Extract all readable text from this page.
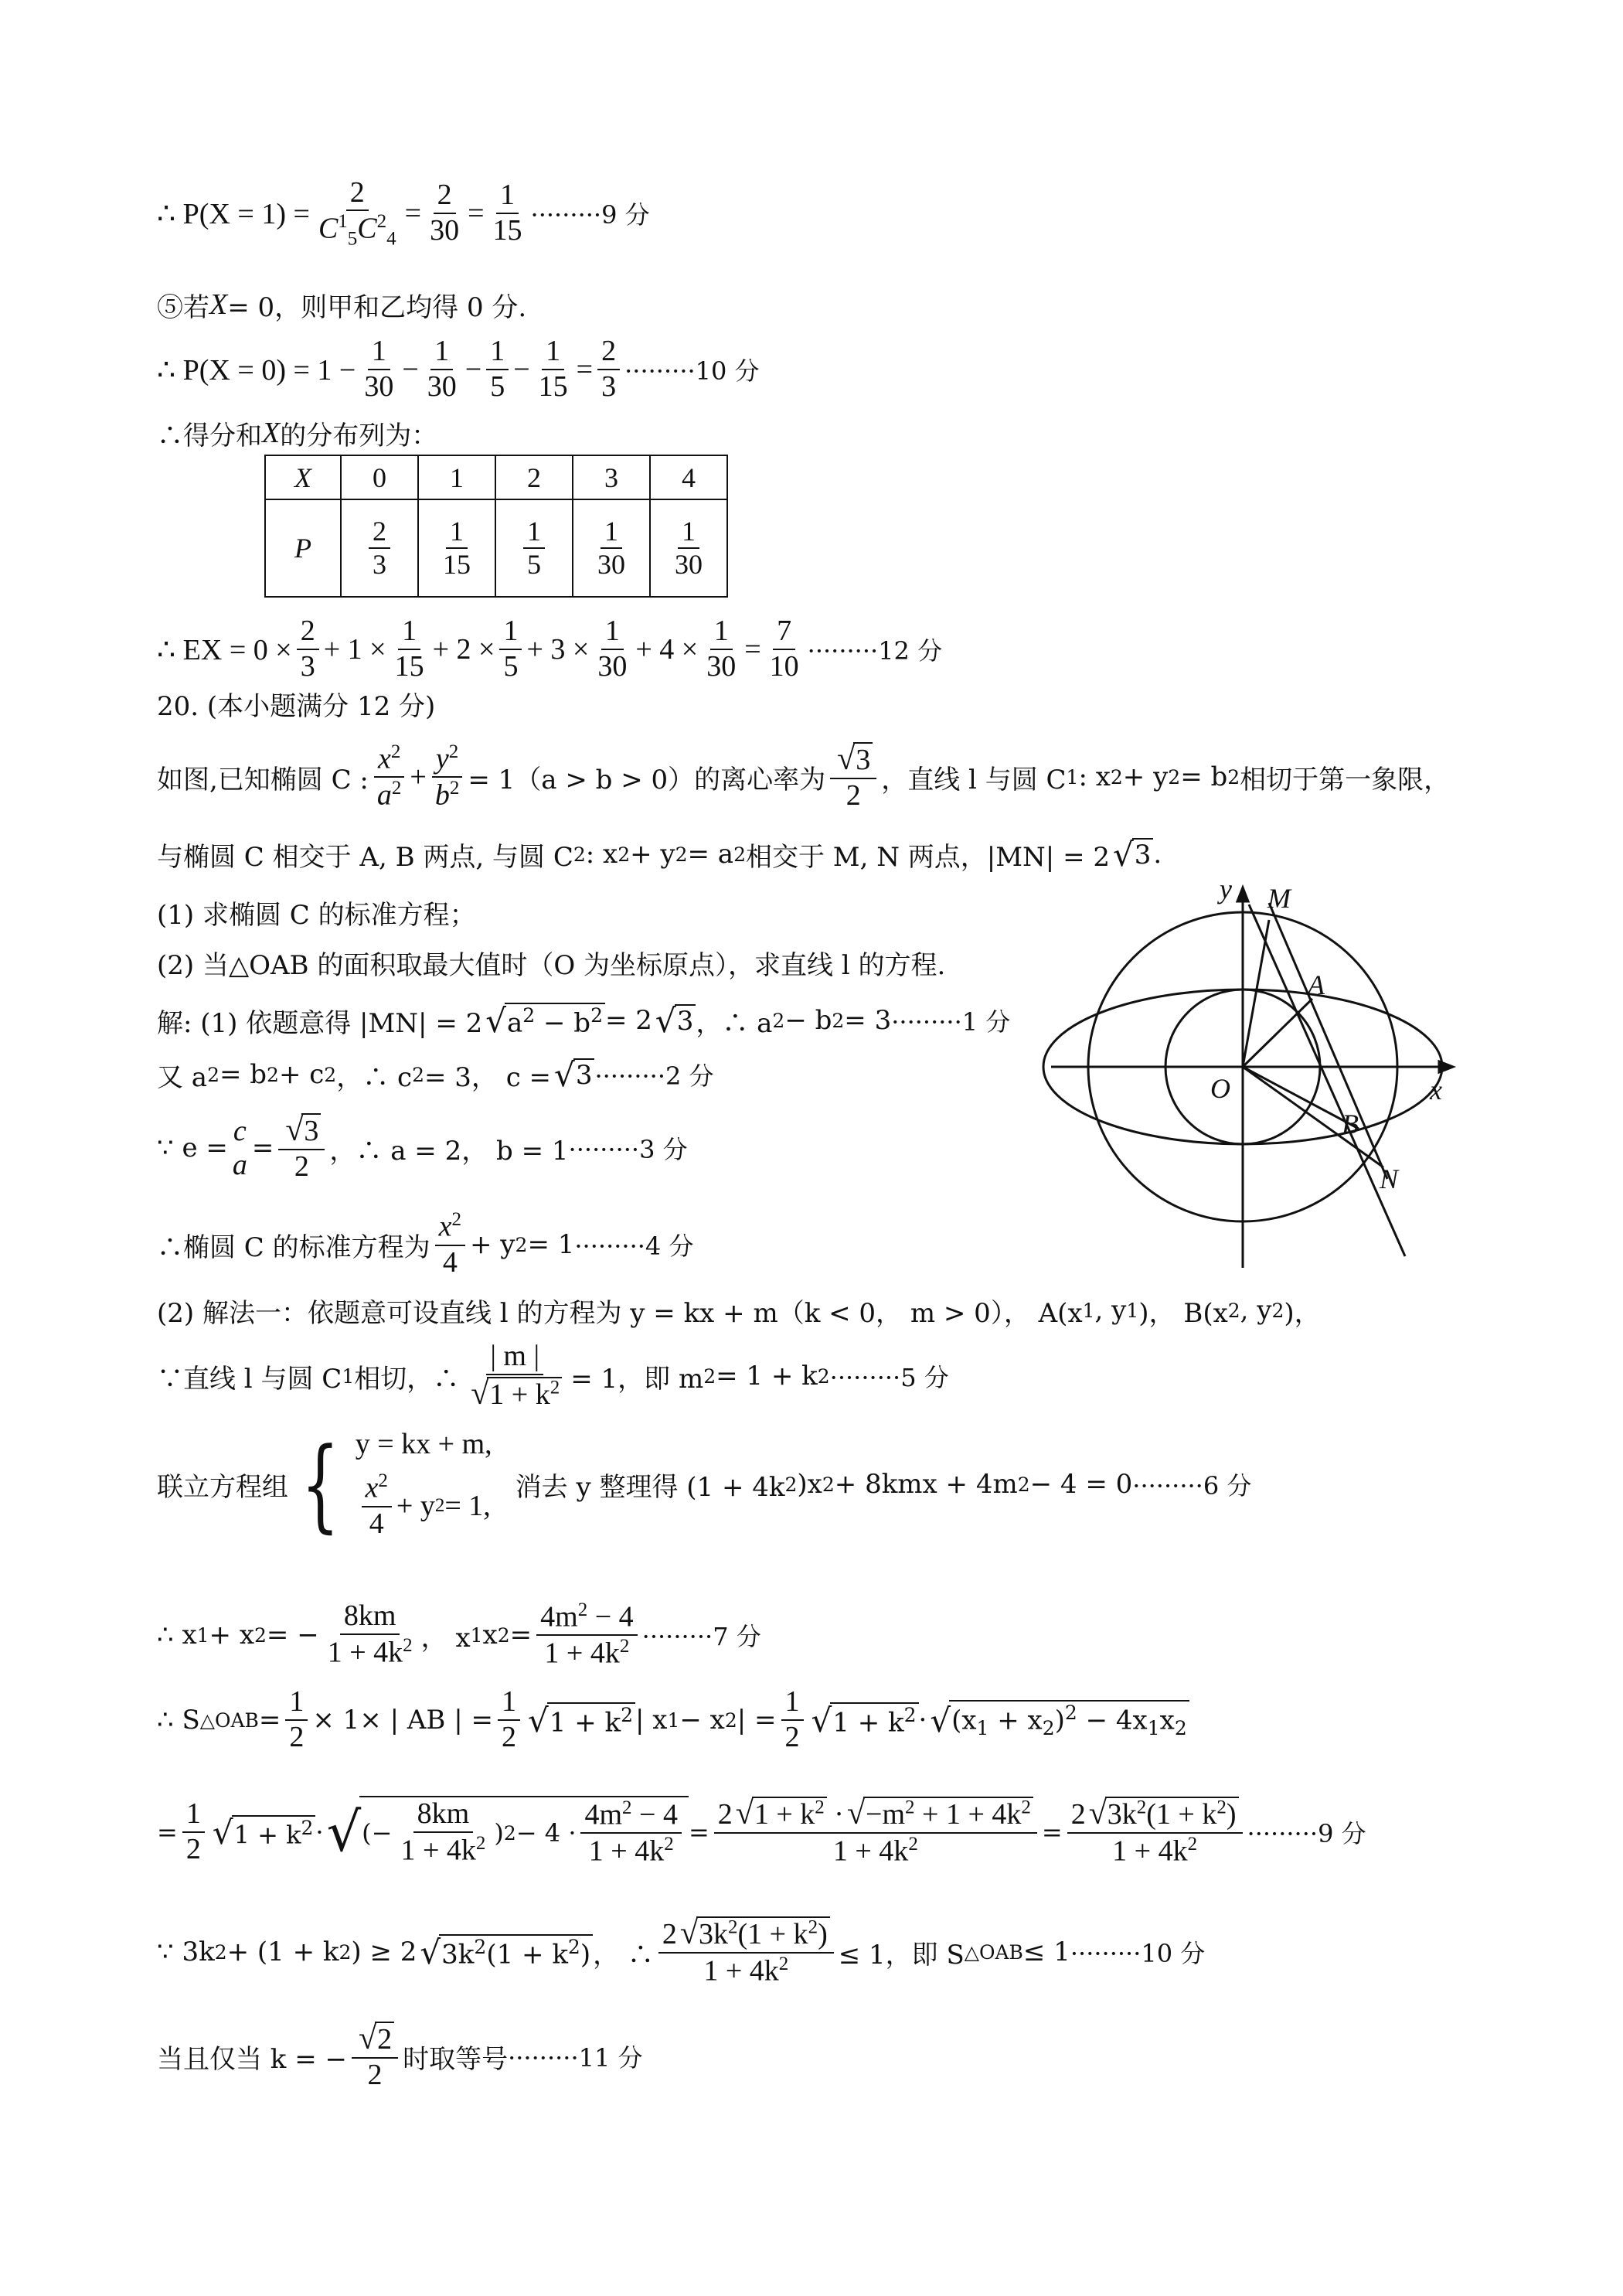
∴ $P(X = 1) = \frac{2}{C^1_5C^2_4} = \frac{2}{30} = \frac{1}{15} \cdot\cdot\cdot\cdot\cdot\cdot\cdot\cdot\cdot 9$ 分
⑤若 X = 0，则甲和乙均得 0 分.
∴ $P(X = 0) = 1 - \frac{1}{30} - \frac{1}{30} - \frac{1}{5} - \frac{1}{15} = \frac{2}{3} \cdot\cdot\cdot\cdot\cdot\cdot\cdot\cdot\cdot 10$ 分
∴得分和 X 的分布列为：
X	0	1	2	3	4
P	$\frac{2}{3}$	$\frac{1}{15}$	$\frac{1}{5}$	$\frac{1}{30}$	$\frac{1}{30}$
∴ EX = $0 \times \frac{2}{3} + 1 \times \frac{1}{15} + 2 \times \frac{1}{5} + 3 \times \frac{1}{30} + 4 \times \frac{1}{30} = \frac{7}{10} \cdot\cdot\cdot\cdot\cdot\cdot\cdot\cdot\cdot 12$ 分
20. (本小题满分 12 分)
如图,已知椭圆 C : $\frac{x^2}{a^2} + \frac{y^2}{b^2} = 1(a > b > 0)$的离心率为 $\frac{√3}{2}$ ，直线 l 与圆 C 1 : x 2 + y 2 = b 2 相切于第一象限，
与椭圆 C 相交于 A, B 两点, 与圆 C 2 : x 2 + y 2 = a 2 相交于 M, N 两点，|MN| = 2 √ 3 .
(1) 求椭圆 C 的标准方程；
(2) 当△OAB 的面积取最大值时（O 为坐标原点），求直线 l 的方程.
解: (1) 依题意得 |MN| = 2 √ $a^2 - b^2 = 2$ √ 3 ，∴ a 2 − b 2 = 3 ·········1 分
又 a 2 = b 2 + c 2 ，∴ c 2 = 3， c = √ 3 ·········2 分
∵ e =
c
a
= $\frac{√3}{2}$ ，∴ a = 2， b = 1 ·········3 分
∴椭圆 C 的标准方程为 $\frac{x^2}{4} + y$ 2 = 1 ·········4 分
(2) 解法一：依题意可设直线 l 的方程为 y = kx + m（k < 0， m > 0）， A(x 1 , y 1 )， B(x 2 , y 2 )，
∵直线 l 与圆 C 1 相切，∴ $\frac{| m |}{√1 + k^2} = 1$，即 m 2 = 1 + k 2 ·········5 分
联立方程组 { y = kx + m,
$\frac{x^2}{4} + y$ 2 = 1,
消去 y 整理得 (1 + 4k 2 )x 2 + 8kmx + 4m 2 − 4 = 0 ·········6 分
∴ x 1 + x 2 = − $\frac{8km}{1 + 4k^2}$ ， x 1 x $2 = \frac{4m^2 - 4}{1 + 4k^2} \cdot\cdot\cdot\cdot\cdot\cdot\cdot\cdot\cdot 7$ 分
∴ S △OAB = $\frac{1}{2} \times 1\times$ | AB | = $\frac{1}{2}$ √ $1 + k^2$ | x 1 − x 2 | = $\frac{1}{2}$ √ $1 + k^2$ · √ $(x_1 + x_2)^2 - 4x_1x_2$
= $\frac{1}{2}$ √ $1 + k^2$ · √ (− $\frac{8km}{1 + 4k^2}$ ) $2 - 4 \cdot \frac{4m^2 - 4}{1 + 4k^2} = \frac{2√1 + k^2 \cdot√-m^2 + 1 + 4k^2}{1 + 4k^2} = \frac{2√3k^2(1 + k^2)}{1 + 4k^2} \cdot\cdot\cdot\cdot\cdot\cdot\cdot\cdot\cdot 9$ 分
∵ 3k 2 + (1 + k 2 ) ≥ 2 √ $3k^2(1 + k^2)$ ， ∴ $\frac{2√3k^2(1 + k^2)}{1 + 4k^2} \le 1$，即 S △OAB ≤ 1 ·········10 分
当且仅当 k = − $\frac{√2}{2}$ 时取等号 ·········11 分
y M
A
O
B
x
N
